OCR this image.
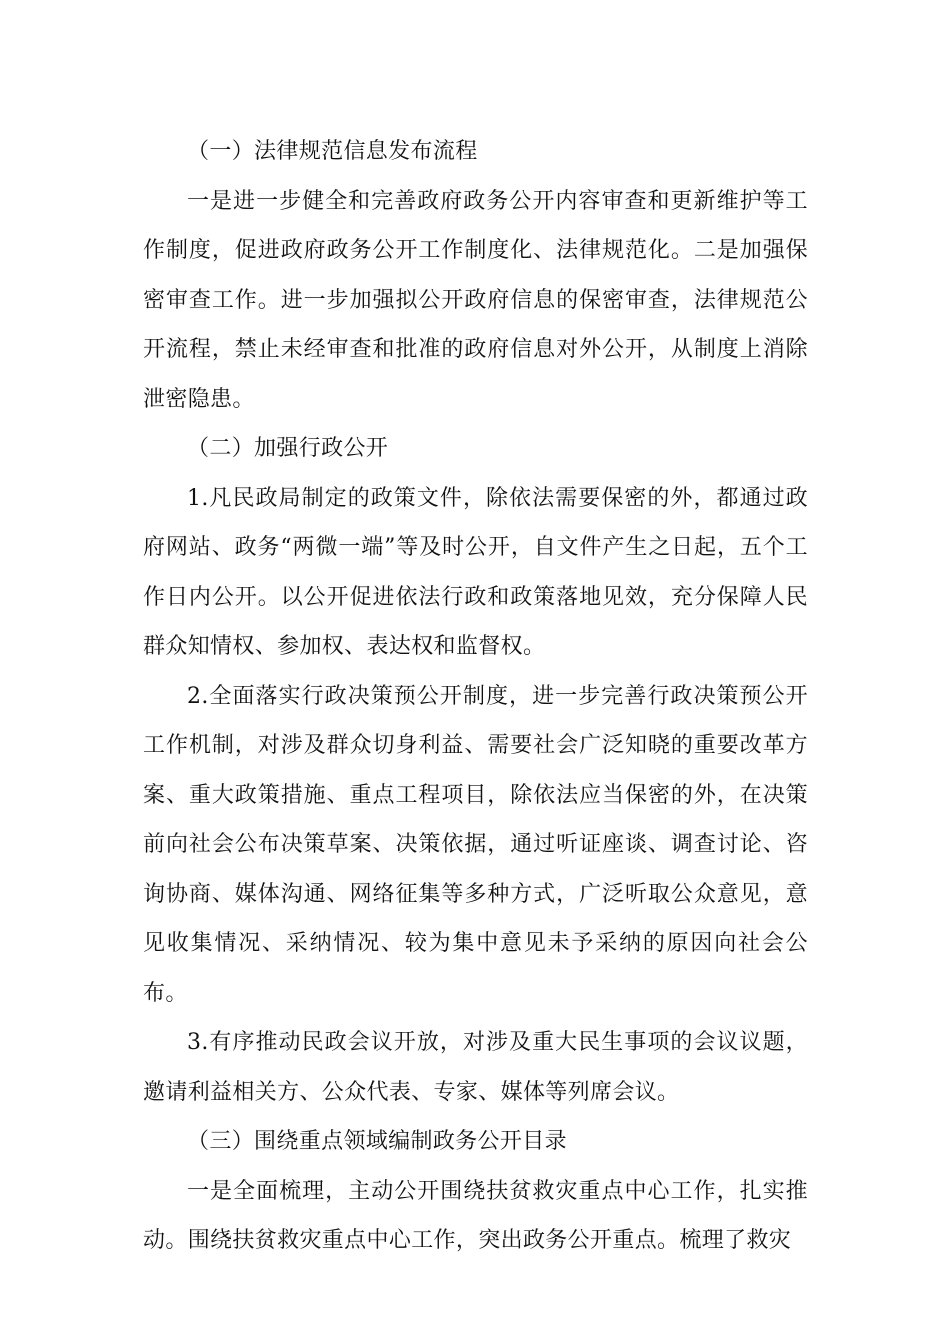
（一）法律规范信息发布流程

一是进一步健全和完善政府政务公开内容审查和更新维护等工作制度，促进政府政务公开工作制度化、法律规范化。二是加强保密审查工作。进一步加强拟公开政府信息的保密审查，法律规范公开流程，禁止未经审查和批准的政府信息对外公开，从制度上消除泄密隐患。

（二）加强行政公开

1.凡民政局制定的政策文件，除依法需要保密的外，都通过政府网站、政务“两微一端”等及时公开，自文件产生之日起，五个工作日内公开。以公开促进依法行政和政策落地见效，充分保障人民群众知情权、参加权、表达权和监督权。

2.全面落实行政决策预公开制度，进一步完善行政决策预公开工作机制，对涉及群众切身利益、需要社会广泛知晓的重要改革方案、重大政策措施、重点工程项目，除依法应当保密的外，在决策前向社会公布决策草案、决策依据，通过听证座谈、调查讨论、咨询协商、媒体沟通、网络征集等多种方式，广泛听取公众意见，意见收集情况、采纳情况、较为集中意见未予采纳的原因向社会公布。

3.有序推动民政会议开放，对涉及重大民生事项的会议议题，邀请利益相关方、公众代表、专家、媒体等列席会议。

（三）围绕重点领域编制政务公开目录

一是全面梳理，主动公开围绕扶贫救灾重点中心工作，扎实推动。围绕扶贫救灾重点中心工作，突出政务公开重点。梳理了救灾
